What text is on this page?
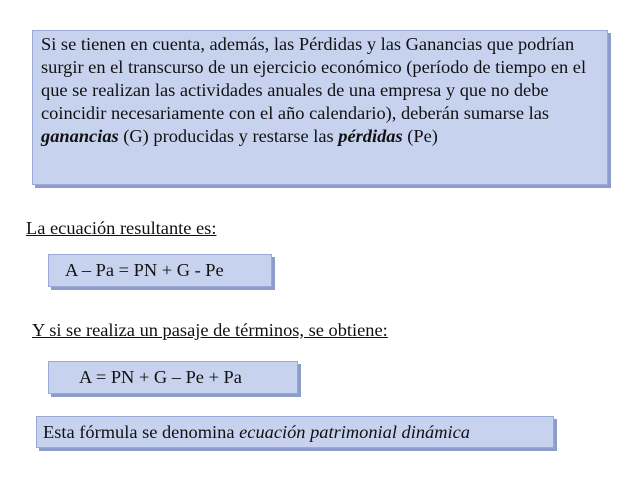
Si se tienen en cuenta, además, las Pérdidas y las Ganancias que podrían surgir en el transcurso de un ejercicio económico (período de tiempo en el que se realizan las actividades anuales de una empresa y que no debe coincidir necesariamente con el año calendario), deberán sumarse las ganancias (G) producidas y restarse las pérdidas (Pe)
La ecuación resultante es:
A – Pa = PN + G - Pe
Y si se realiza un pasaje de términos, se obtiene:
A = PN + G – Pe + Pa
Esta fórmula se denomina ecuación patrimonial dinámica
